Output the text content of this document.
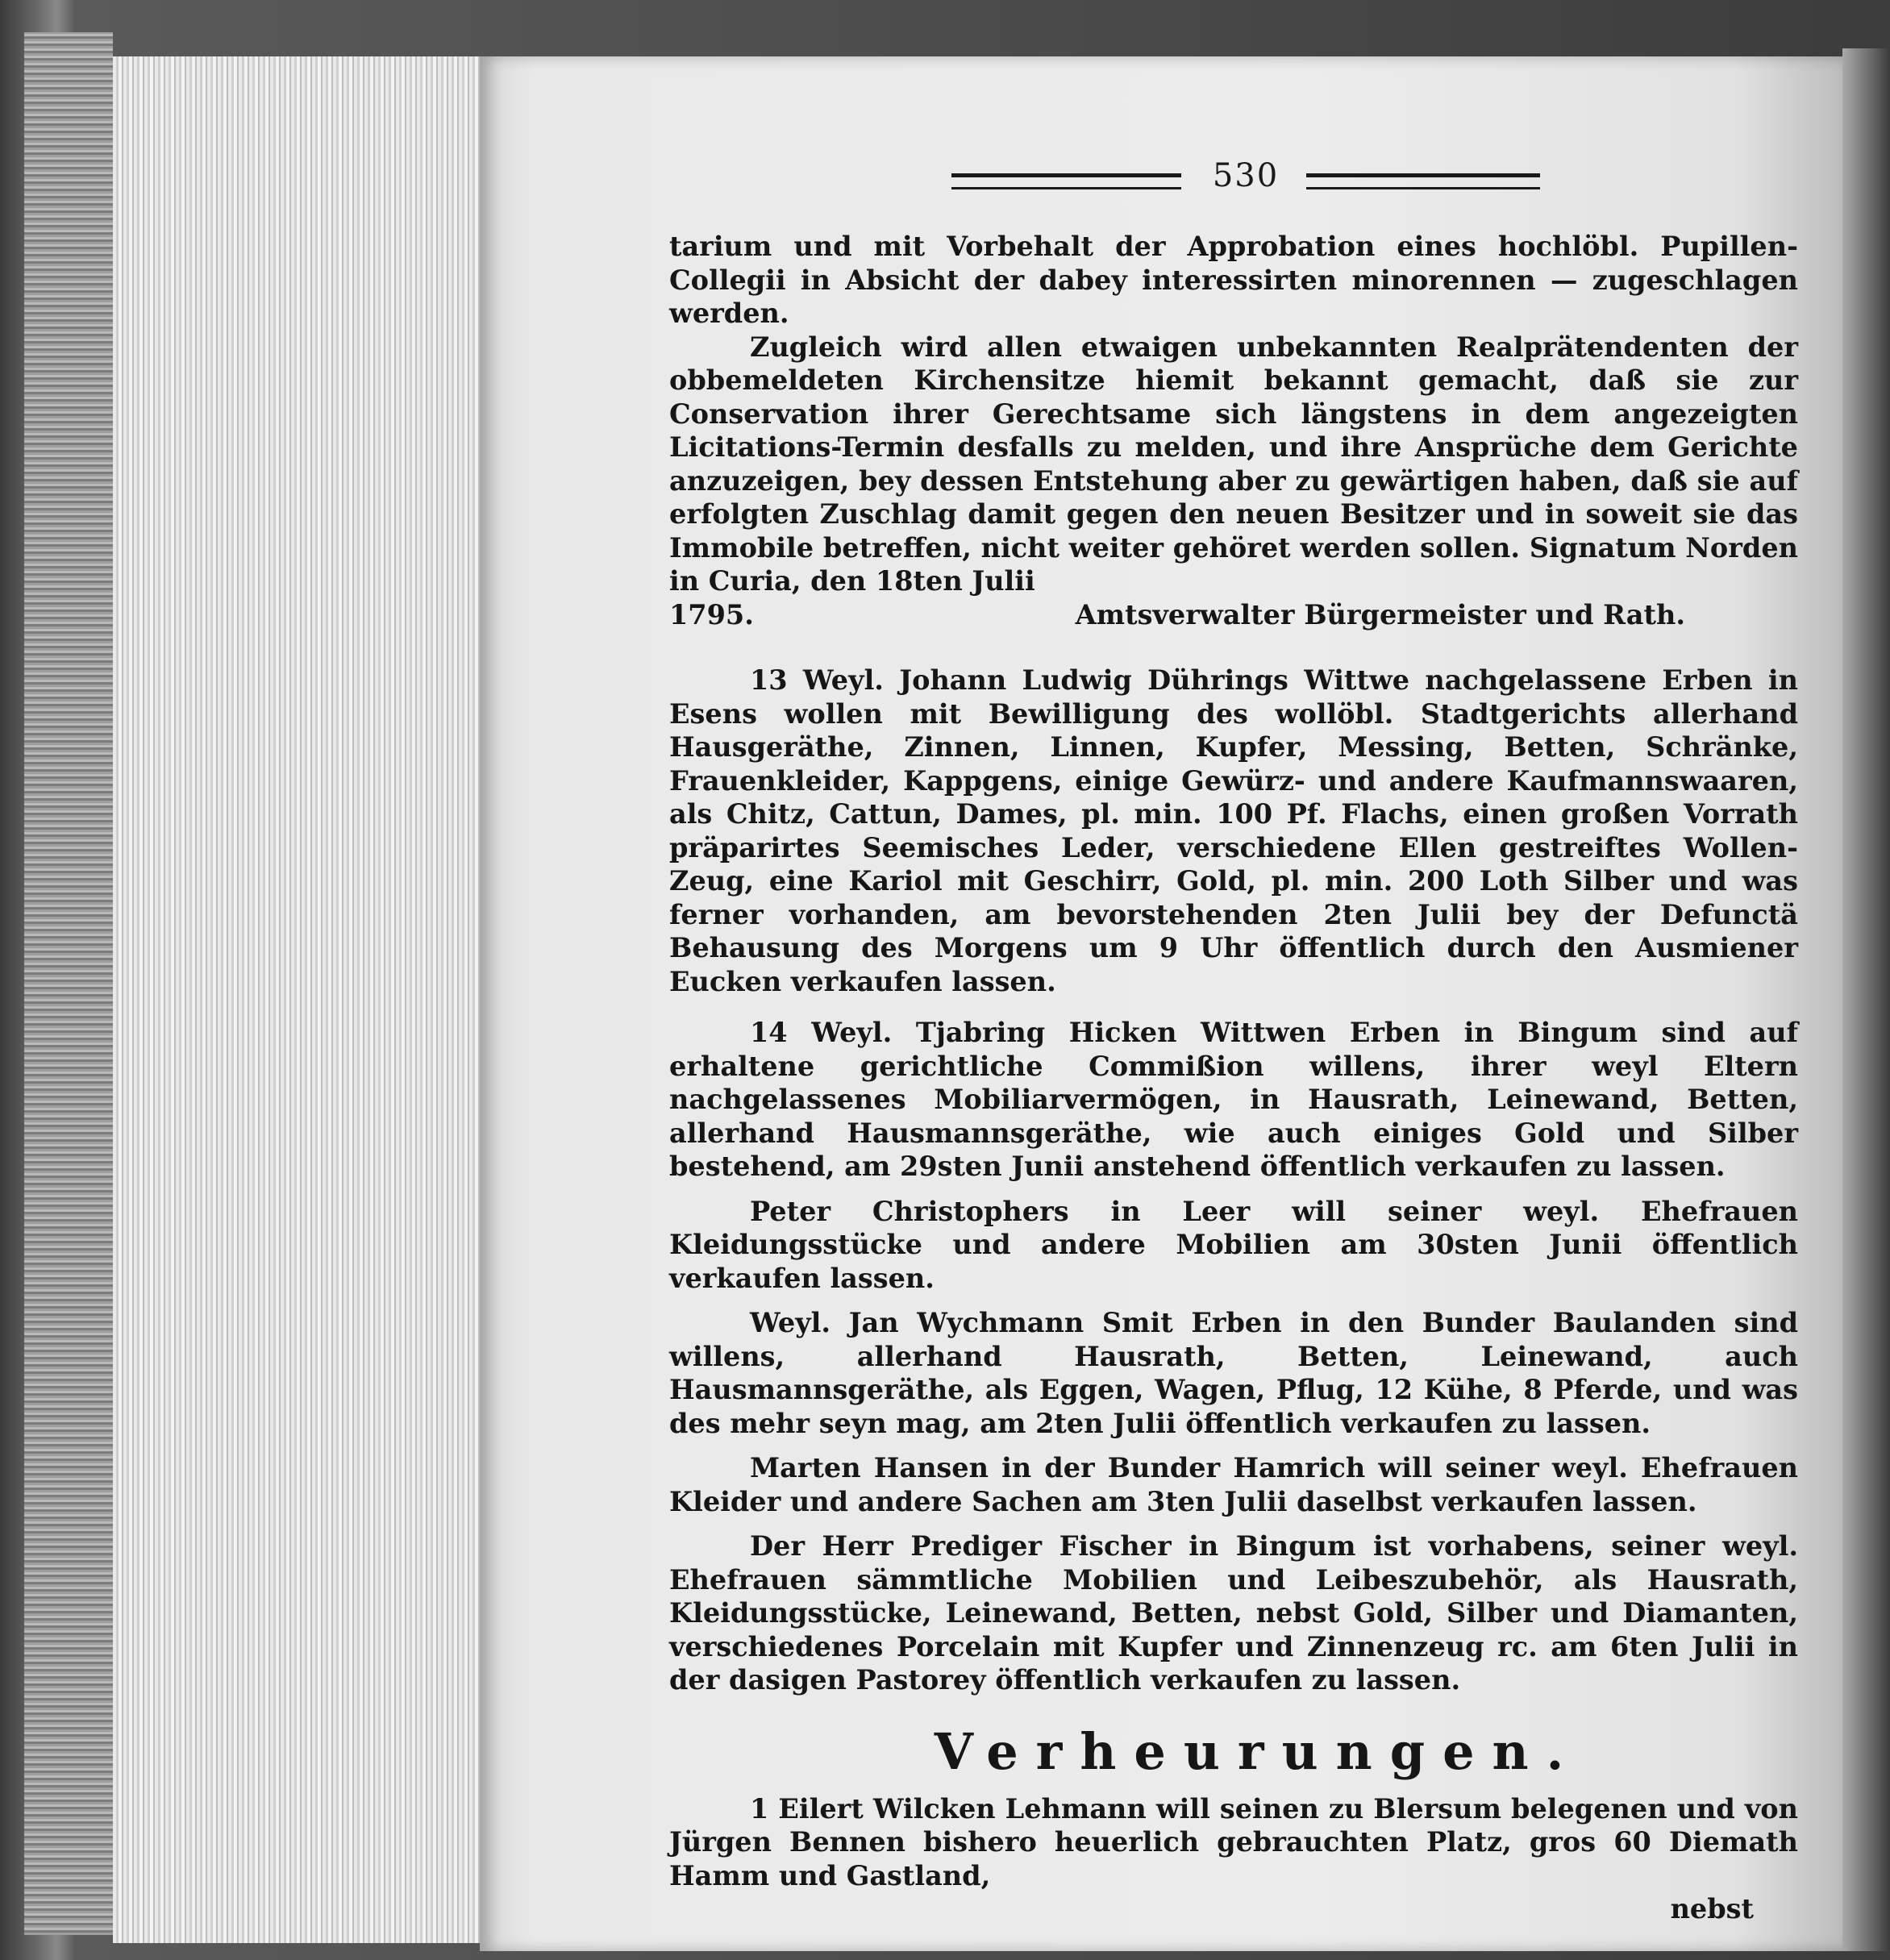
530

tarium und mit Vorbehalt der Approbation eines hochlöbl. Pupillen-Collegii in Absicht der dabey interessirten minorennen — zugeschlagen werden.

Zugleich wird allen etwaigen unbekannten Realprätendenten der obbemeldeten Kirchensitze hiemit bekannt gemacht, daß sie zur Conservation ihrer Gerechtsame sich längstens in dem angezeigten Licitations-Termin desfalls zu melden, und ihre Ansprüche dem Gerichte anzuzeigen, bey dessen Entstehung aber zu gewärtigen haben, daß sie auf erfolgten Zuschlag damit gegen den neuen Besitzer und in soweit sie das Immobile betreffen, nicht weiter gehöret werden sollen. Signatum Norden in Curia, den 18ten Julii

1795.	Amtsverwalter Bürgermeister und Rath.

13 Weyl. Johann Ludwig Dührings Wittwe nachgelassene Erben in Esens wollen mit Bewilligung des wollöbl. Stadtgerichts allerhand Hausgeräthe, Zinnen, Linnen, Kupfer, Messing, Betten, Schränke, Frauenkleider, Kappgens, einige Gewürz- und andere Kaufmannswaaren, als Chitz, Cattun, Dames, pl. min. 100 Pf. Flachs, einen großen Vorrath präparirtes Seemisches Leder, verschiedene Ellen gestreiftes Wollen-Zeug, eine Kariol mit Geschirr, Gold, pl. min. 200 Loth Silber und was ferner vorhanden, am bevorstehenden 2ten Julii bey der Defunctä Behausung des Morgens um 9 Uhr öffentlich durch den Ausmiener Eucken verkaufen lassen.

14 Weyl. Tjabring Hicken Wittwen Erben in Bingum sind auf erhaltene gerichtliche Commißion willens, ihrer weyl Eltern nachgelassenes Mobiliarvermögen, in Hausrath, Leinewand, Betten, allerhand Hausmannsgeräthe, wie auch einiges Gold und Silber bestehend, am 29sten Junii anstehend öffentlich verkaufen zu lassen.

Peter Christophers in Leer will seiner weyl. Ehefrauen Kleidungsstücke und andere Mobilien am 30sten Junii öffentlich verkaufen lassen.

Weyl. Jan Wychmann Smit Erben in den Bunder Baulanden sind willens, allerhand Hausrath, Betten, Leinewand, auch Hausmannsgeräthe, als Eggen, Wagen, Pflug, 12 Kühe, 8 Pferde, und was des mehr seyn mag, am 2ten Julii öffentlich verkaufen zu lassen.

Marten Hansen in der Bunder Hamrich will seiner weyl. Ehefrauen Kleider und andere Sachen am 3ten Julii daselbst verkaufen lassen.

Der Herr Prediger Fischer in Bingum ist vorhabens, seiner weyl. Ehefrauen sämmtliche Mobilien und Leibeszubehör, als Hausrath, Kleidungsstücke, Leinewand, Betten, nebst Gold, Silber und Diamanten, verschiedenes Porcelain mit Kupfer und Zinnenzeug rc. am 6ten Julii in der dasigen Pastorey öffentlich verkaufen zu lassen.

Verheurungen.

1 Eilert Wilcken Lehmann will seinen zu Blersum belegenen und von Jürgen Bennen bishero heuerlich gebrauchten Platz, gros 60 Diemath Hamm und Gastland,

nebst
